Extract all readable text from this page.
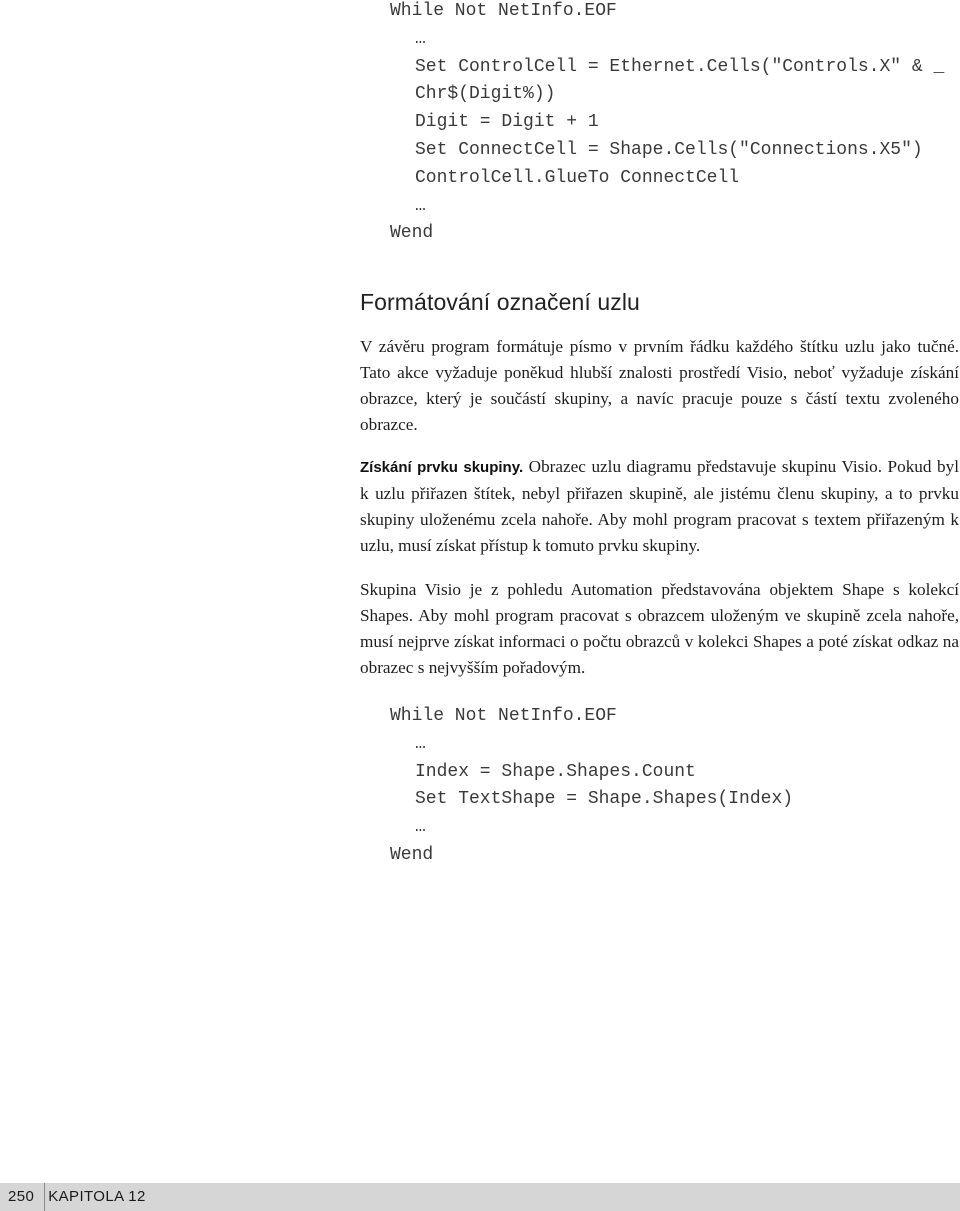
While Not NetInfo.EOF
…
Set ControlCell = Ethernet.Cells("Controls.X" & _
Chr$(Digit%))
Digit = Digit + 1
Set ConnectCell = Shape.Cells("Connections.X5")
ControlCell.GlueTo ConnectCell
…
Wend
Formátování označení uzlu

V závěru program formátuje písmo v prvním řádku každého štítku uzlu jako tučné. Tato akce vyžaduje poněkud hlubší znalosti prostředí Visio, neboť vyžaduje získání obrazce, který je součástí skupiny, a navíc pracuje pouze s částí textu zvoleného obrazce.

Získání prvku skupiny. Obrazec uzlu diagramu představuje skupinu Visio. Pokud byl k uzlu přiřazen štítek, nebyl přiřazen skupině, ale jistému členu skupiny, a to prvku skupiny uloženému zcela nahoře. Aby mohl program pracovat s textem přiřazeným k uzlu, musí získat přístup k tomuto prvku skupiny.

Skupina Visio je z pohledu Automation představována objektem Shape s kolekcí Shapes. Aby mohl program pracovat s obrazcem uloženým ve skupině zcela nahoře, musí nejprve získat informaci o počtu obrazců v kolekci Shapes a poté získat odkaz na obrazec s nejvyšším pořadovým.

While Not NetInfo.EOF
…
Index = Shape.Shapes.Count
Set TextShape = Shape.Shapes(Index)
…
Wend
250 KAPITOLA 12
